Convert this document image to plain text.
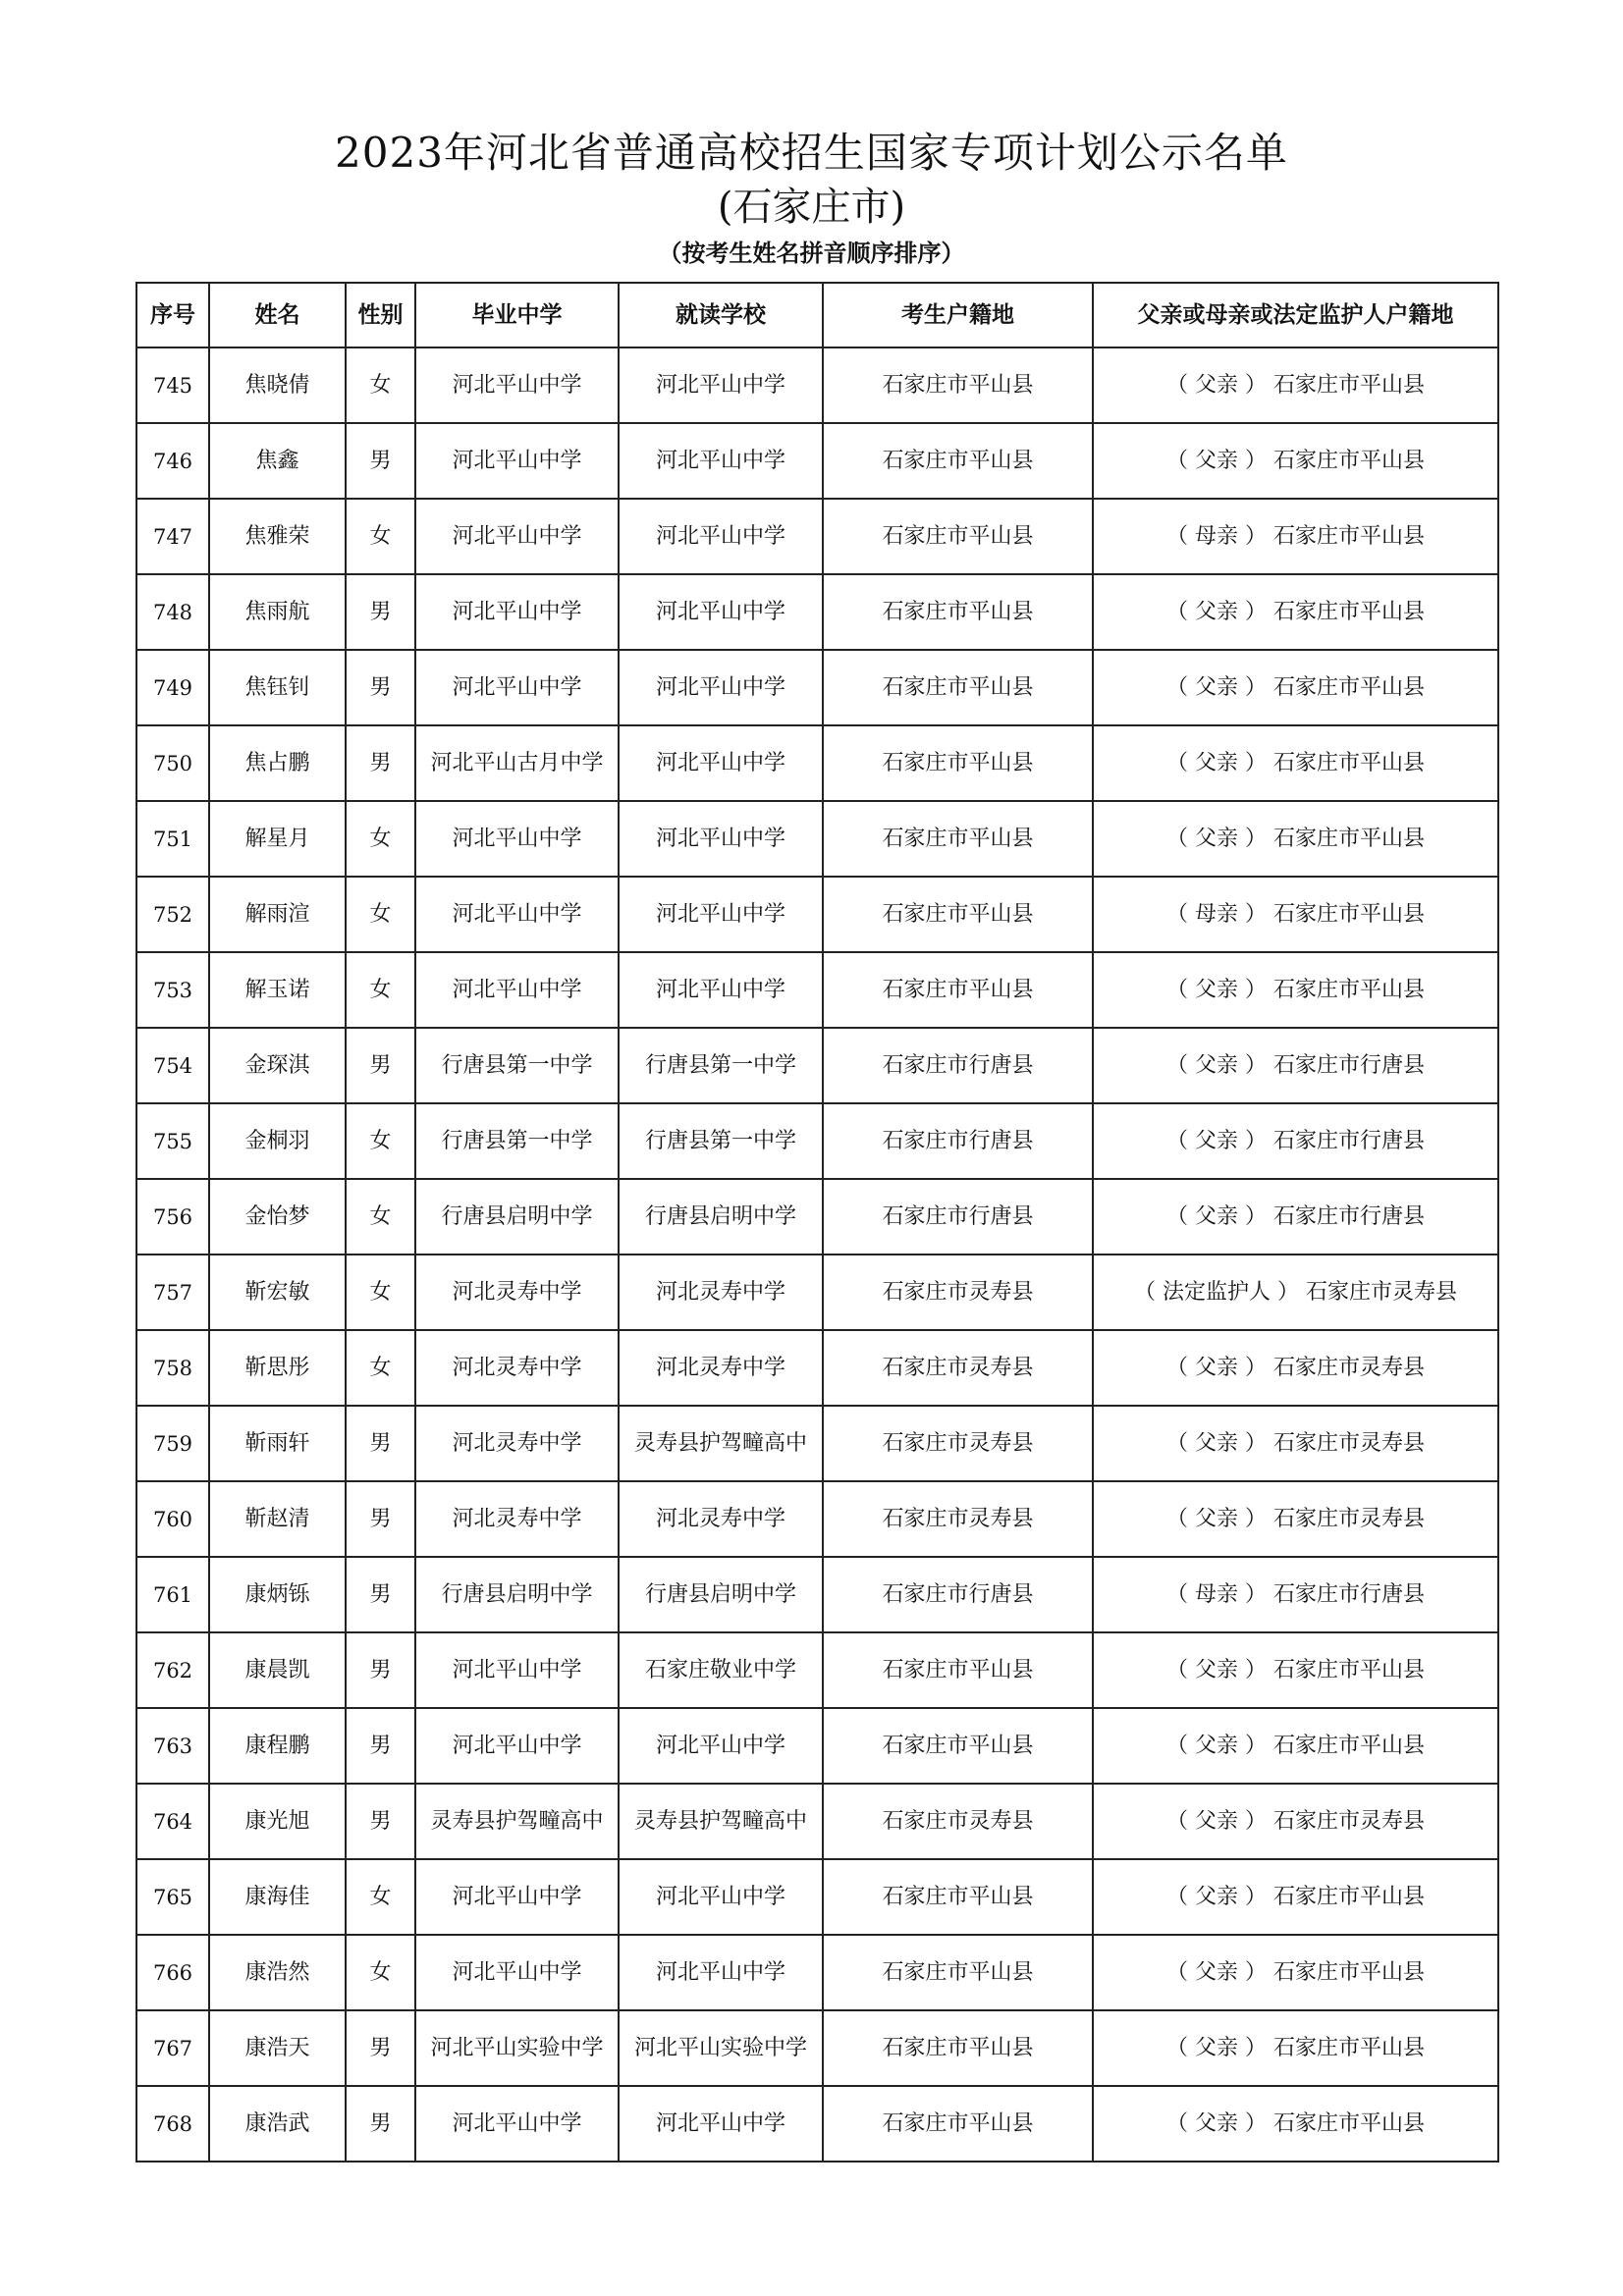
2023年河北省普通高校招生国家专项计划公示名单
(石家庄市)
（按考生姓名拼音顺序排序）
序号	姓名	性别	毕业中学	就读学校	考生户籍地	父亲或母亲或法定监护人户籍地
745	焦晓倩	女	河北平山中学	河北平山中学	石家庄市平山县	（ 父亲 ） 石家庄市平山县
746	焦鑫	男	河北平山中学	河北平山中学	石家庄市平山县	（ 父亲 ） 石家庄市平山县
747	焦雅荣	女	河北平山中学	河北平山中学	石家庄市平山县	（ 母亲 ） 石家庄市平山县
748	焦雨航	男	河北平山中学	河北平山中学	石家庄市平山县	（ 父亲 ） 石家庄市平山县
749	焦钰钊	男	河北平山中学	河北平山中学	石家庄市平山县	（ 父亲 ） 石家庄市平山县
750	焦占鹏	男	河北平山古月中学	河北平山中学	石家庄市平山县	（ 父亲 ） 石家庄市平山县
751	解星月	女	河北平山中学	河北平山中学	石家庄市平山县	（ 父亲 ） 石家庄市平山县
752	解雨渲	女	河北平山中学	河北平山中学	石家庄市平山县	（ 母亲 ） 石家庄市平山县
753	解玉诺	女	河北平山中学	河北平山中学	石家庄市平山县	（ 父亲 ） 石家庄市平山县
754	金琛淇	男	行唐县第一中学	行唐县第一中学	石家庄市行唐县	（ 父亲 ） 石家庄市行唐县
755	金桐羽	女	行唐县第一中学	行唐县第一中学	石家庄市行唐县	（ 父亲 ） 石家庄市行唐县
756	金怡梦	女	行唐县启明中学	行唐县启明中学	石家庄市行唐县	（ 父亲 ） 石家庄市行唐县
757	靳宏敏	女	河北灵寿中学	河北灵寿中学	石家庄市灵寿县	（ 法定监护人 ） 石家庄市灵寿县
758	靳思彤	女	河北灵寿中学	河北灵寿中学	石家庄市灵寿县	（ 父亲 ） 石家庄市灵寿县
759	靳雨轩	男	河北灵寿中学	灵寿县护驾疃高中	石家庄市灵寿县	（ 父亲 ） 石家庄市灵寿县
760	靳赵清	男	河北灵寿中学	河北灵寿中学	石家庄市灵寿县	（ 父亲 ） 石家庄市灵寿县
761	康炳铄	男	行唐县启明中学	行唐县启明中学	石家庄市行唐县	（ 母亲 ） 石家庄市行唐县
762	康晨凯	男	河北平山中学	石家庄敬业中学	石家庄市平山县	（ 父亲 ） 石家庄市平山县
763	康程鹏	男	河北平山中学	河北平山中学	石家庄市平山县	（ 父亲 ） 石家庄市平山县
764	康光旭	男	灵寿县护驾疃高中	灵寿县护驾疃高中	石家庄市灵寿县	（ 父亲 ） 石家庄市灵寿县
765	康海佳	女	河北平山中学	河北平山中学	石家庄市平山县	（ 父亲 ） 石家庄市平山县
766	康浩然	女	河北平山中学	河北平山中学	石家庄市平山县	（ 父亲 ） 石家庄市平山县
767	康浩天	男	河北平山实验中学	河北平山实验中学	石家庄市平山县	（ 父亲 ） 石家庄市平山县
768	康浩武	男	河北平山中学	河北平山中学	石家庄市平山县	（ 父亲 ） 石家庄市平山县
